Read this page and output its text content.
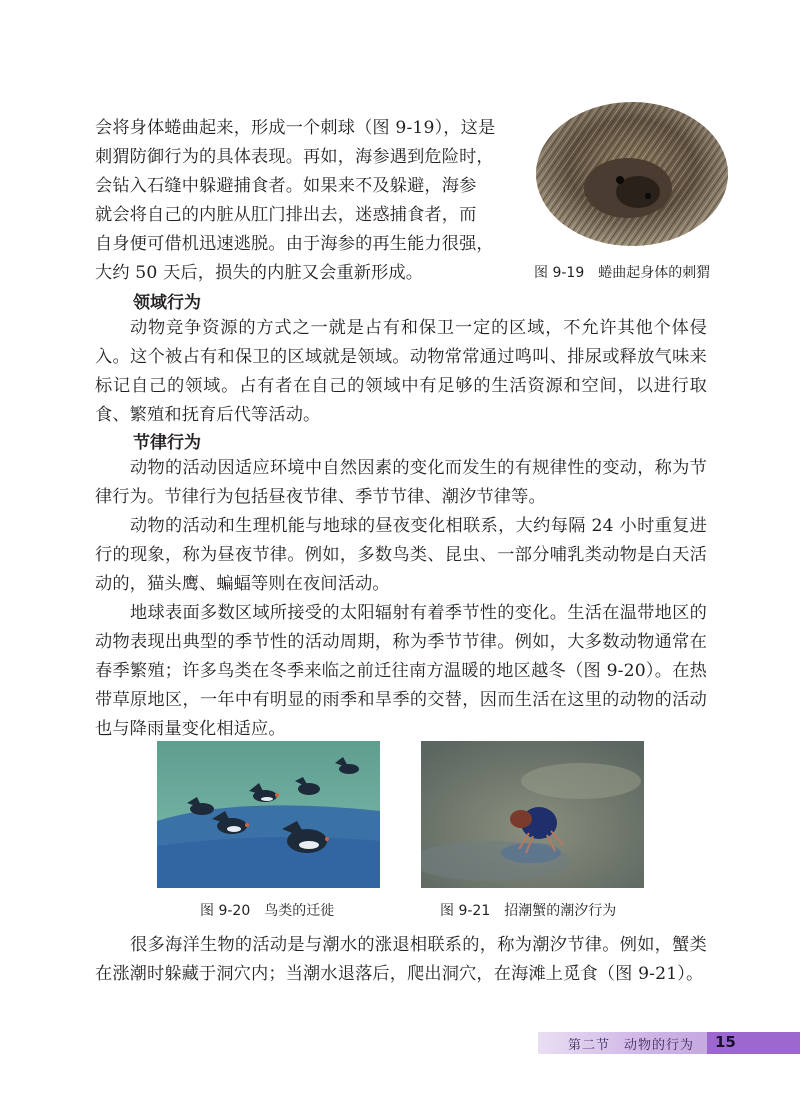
会将身体蜷曲起来，形成一个刺球（图 9-19），这是
刺猬防御行为的具体表现。再如，海参遇到危险时，
会钻入石缝中躲避捕食者。如果来不及躲避，海参
就会将自己的内脏从肛门排出去，迷惑捕食者，而
自身便可借机迅速逃脱。由于海参的再生能力很强，
大约 50 天后，损失的内脏又会重新形成。	图 9-19　蜷曲起身体的刺猬
领域行为

动物竞争资源的方式之一就是占有和保卫一定的区域，不允许其他个体侵入。这个被占有和保卫的区域就是领域。动物常常通过鸣叫、排尿或释放气味来标记自己的领域。占有者在自己的领域中有足够的生活资源和空间，以进行取食、繁殖和抚育后代等活动。

节律行为

动物的活动因适应环境中自然因素的变化而发生的有规律性的变动，称为节律行为。节律行为包括昼夜节律、季节节律、潮汐节律等。

动物的活动和生理机能与地球的昼夜变化相联系，大约每隔 24 小时重复进行的现象，称为昼夜节律。例如，多数鸟类、昆虫、一部分哺乳类动物是白天活动的，猫头鹰、蝙蝠等则在夜间活动。

地球表面多数区域所接受的太阳辐射有着季节性的变化。生活在温带地区的动物表现出典型的季节性的活动周期，称为季节节律。例如，大多数动物通常在春季繁殖；许多鸟类在冬季来临之前迁往南方温暖的地区越冬（图 9-20）。在热带草原地区，一年中有明显的雨季和旱季的交替，因而生活在这里的动物的活动也与降雨量变化相适应。

图 9-20　鸟类的迁徙	图 9-21　招潮蟹的潮汐行为

很多海洋生物的活动是与潮水的涨退相联系的，称为潮汐节律。例如，蟹类在涨潮时躲藏于洞穴内；当潮水退落后，爬出洞穴，在海滩上觅食（图 9-21）。

第二节　动物的行为 15
